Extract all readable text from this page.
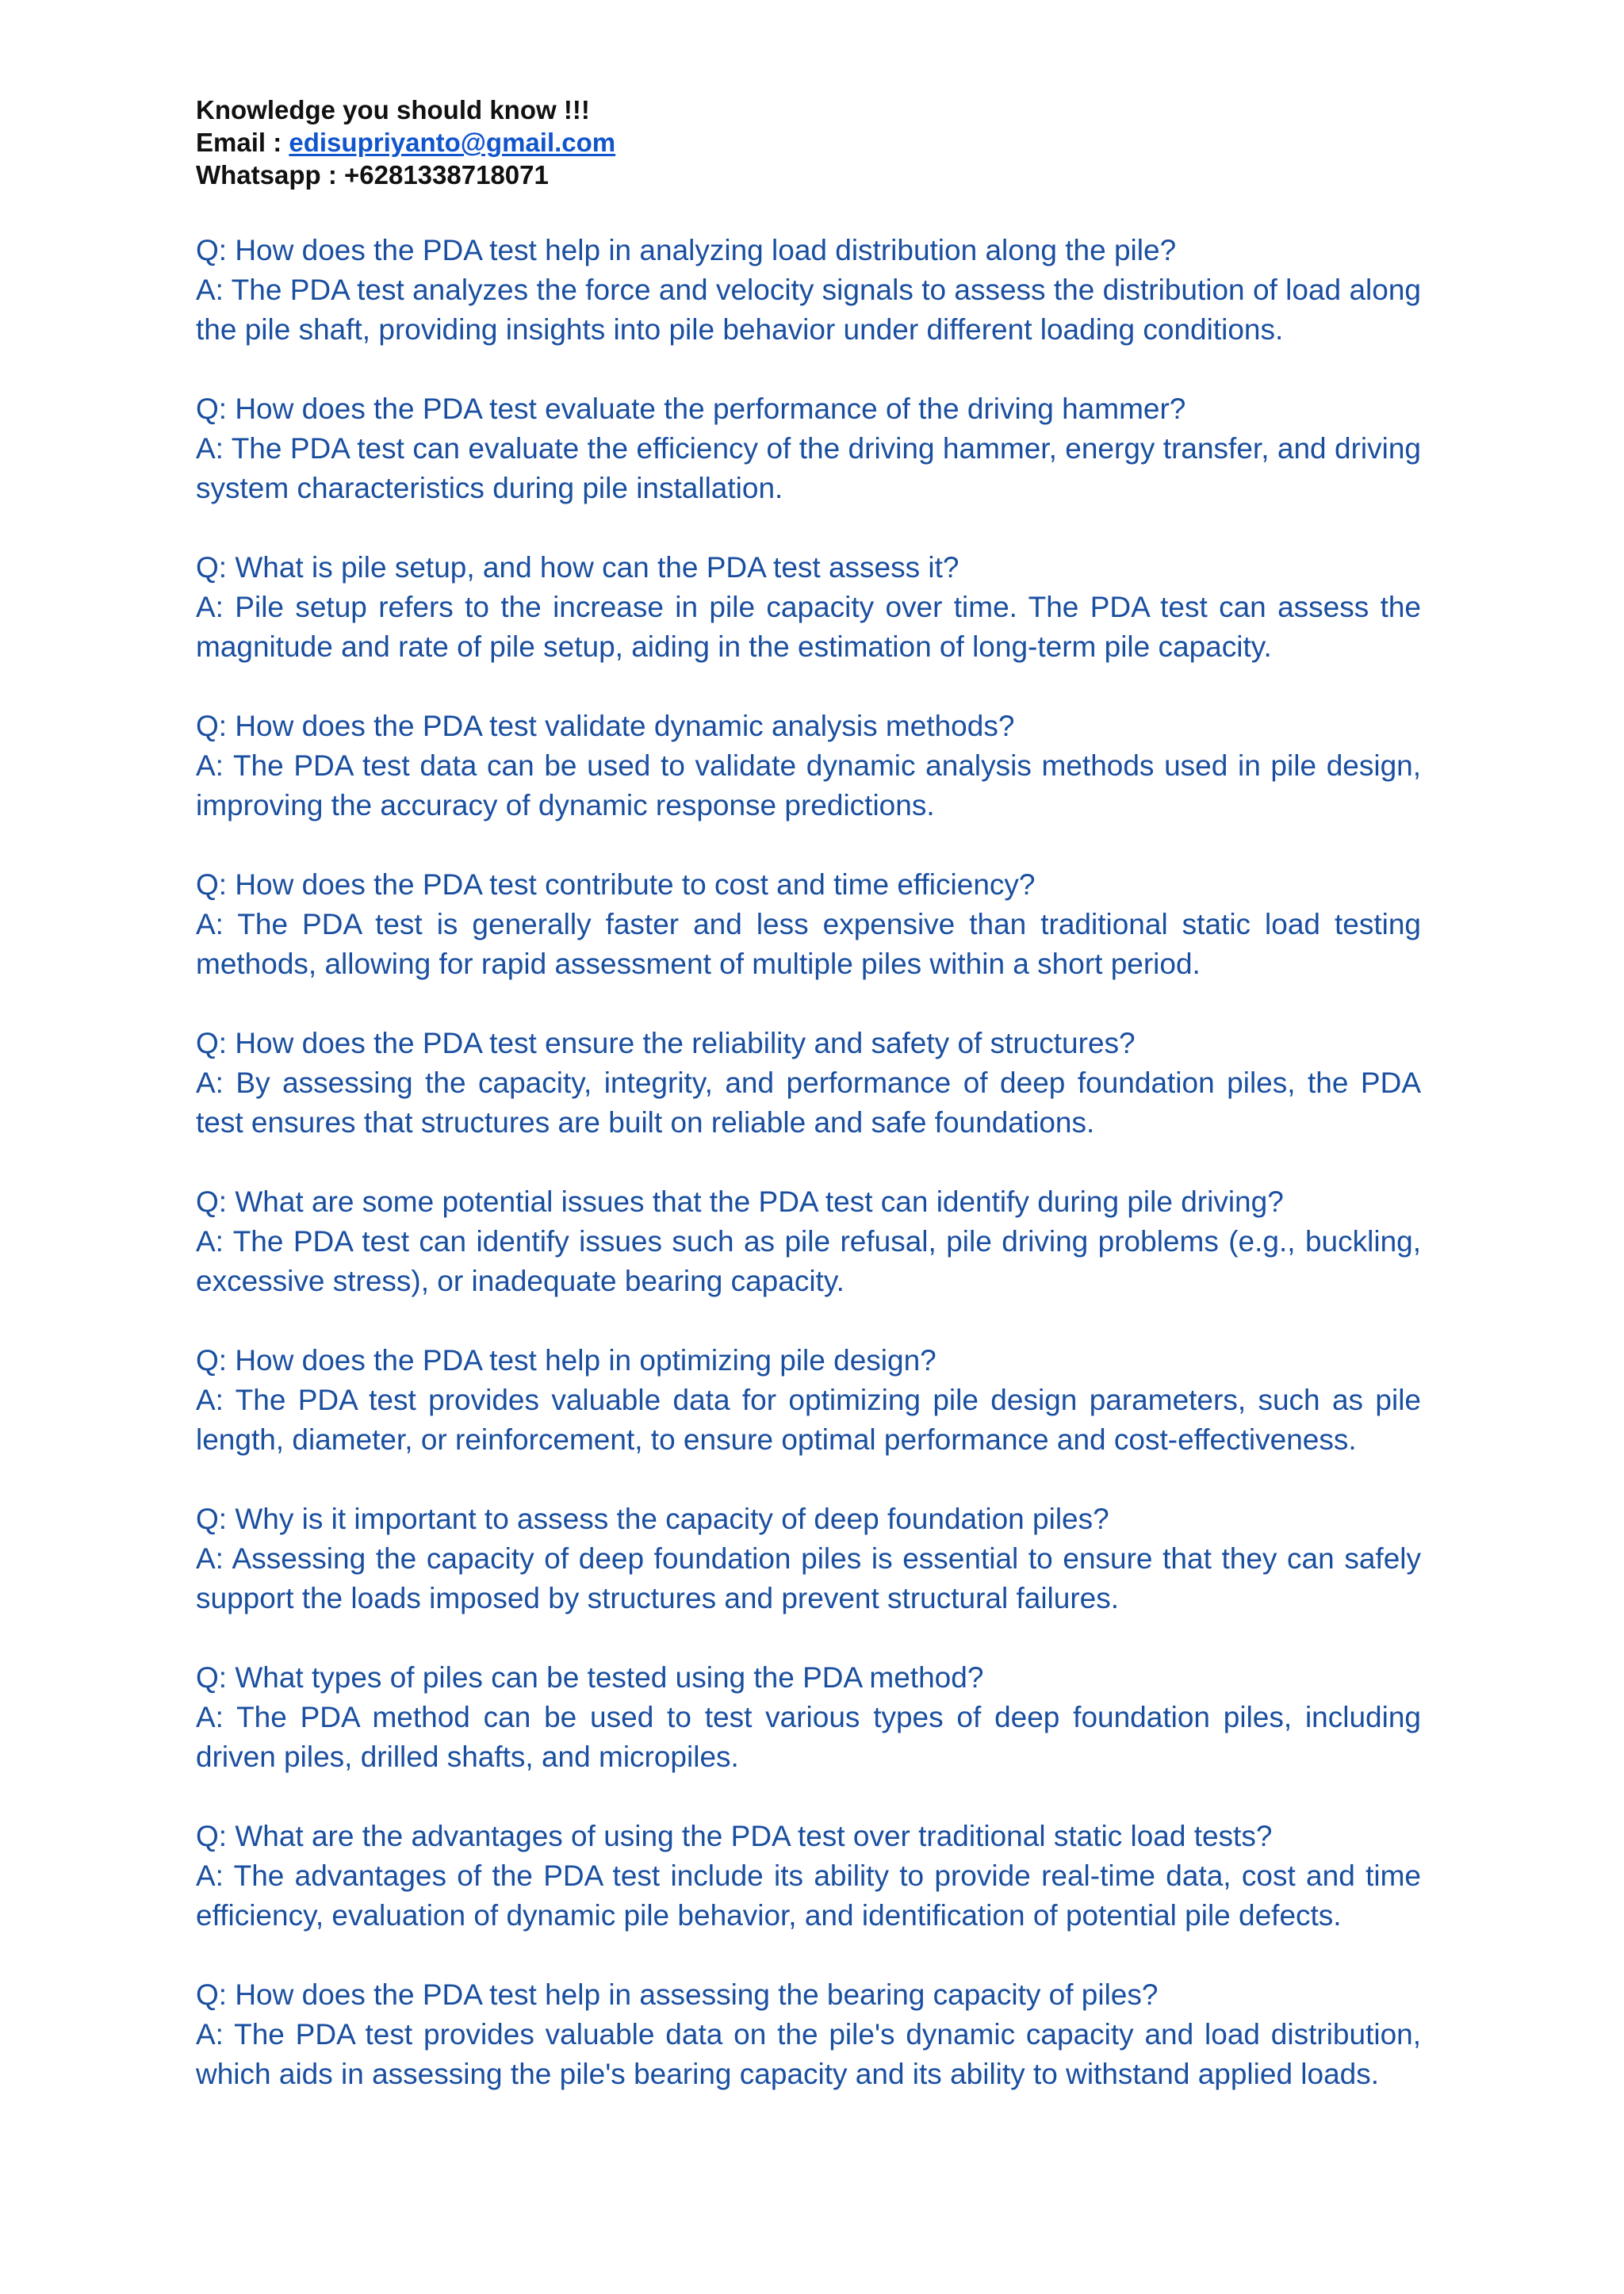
Knowledge you should know !!!
Email : edisupriyanto@gmail.com
Whatsapp : +6281338718071

Q: How does the PDA test help in analyzing load distribution along the pile?

A: The PDA test analyzes the force and velocity signals to assess the distribution of load along the pile shaft, providing insights into pile behavior under different loading conditions.

Q: How does the PDA test evaluate the performance of the driving hammer?

A: The PDA test can evaluate the efficiency of the driving hammer, energy transfer, and driving system characteristics during pile installation.

Q: What is pile setup, and how can the PDA test assess it?

A: Pile setup refers to the increase in pile capacity over time. The PDA test can assess the magnitude and rate of pile setup, aiding in the estimation of long-term pile capacity.

Q: How does the PDA test validate dynamic analysis methods?

A: The PDA test data can be used to validate dynamic analysis methods used in pile design, improving the accuracy of dynamic response predictions.

Q: How does the PDA test contribute to cost and time efficiency?

A: The PDA test is generally faster and less expensive than traditional static load testing methods, allowing for rapid assessment of multiple piles within a short period.

Q: How does the PDA test ensure the reliability and safety of structures?

A: By assessing the capacity, integrity, and performance of deep foundation piles, the PDA test ensures that structures are built on reliable and safe foundations.

Q: What are some potential issues that the PDA test can identify during pile driving?

A: The PDA test can identify issues such as pile refusal, pile driving problems (e.g., buckling, excessive stress), or inadequate bearing capacity.

Q: How does the PDA test help in optimizing pile design?

A: The PDA test provides valuable data for optimizing pile design parameters, such as pile length, diameter, or reinforcement, to ensure optimal performance and cost-effectiveness.

Q: Why is it important to assess the capacity of deep foundation piles?

A: Assessing the capacity of deep foundation piles is essential to ensure that they can safely support the loads imposed by structures and prevent structural failures.

Q: What types of piles can be tested using the PDA method?

A: The PDA method can be used to test various types of deep foundation piles, including driven piles, drilled shafts, and micropiles.

Q: What are the advantages of using the PDA test over traditional static load tests?

A: The advantages of the PDA test include its ability to provide real-time data, cost and time efficiency, evaluation of dynamic pile behavior, and identification of potential pile defects.

Q: How does the PDA test help in assessing the bearing capacity of piles?

A: The PDA test provides valuable data on the pile's dynamic capacity and load distribution, which aids in assessing the pile's bearing capacity and its ability to withstand applied loads.
